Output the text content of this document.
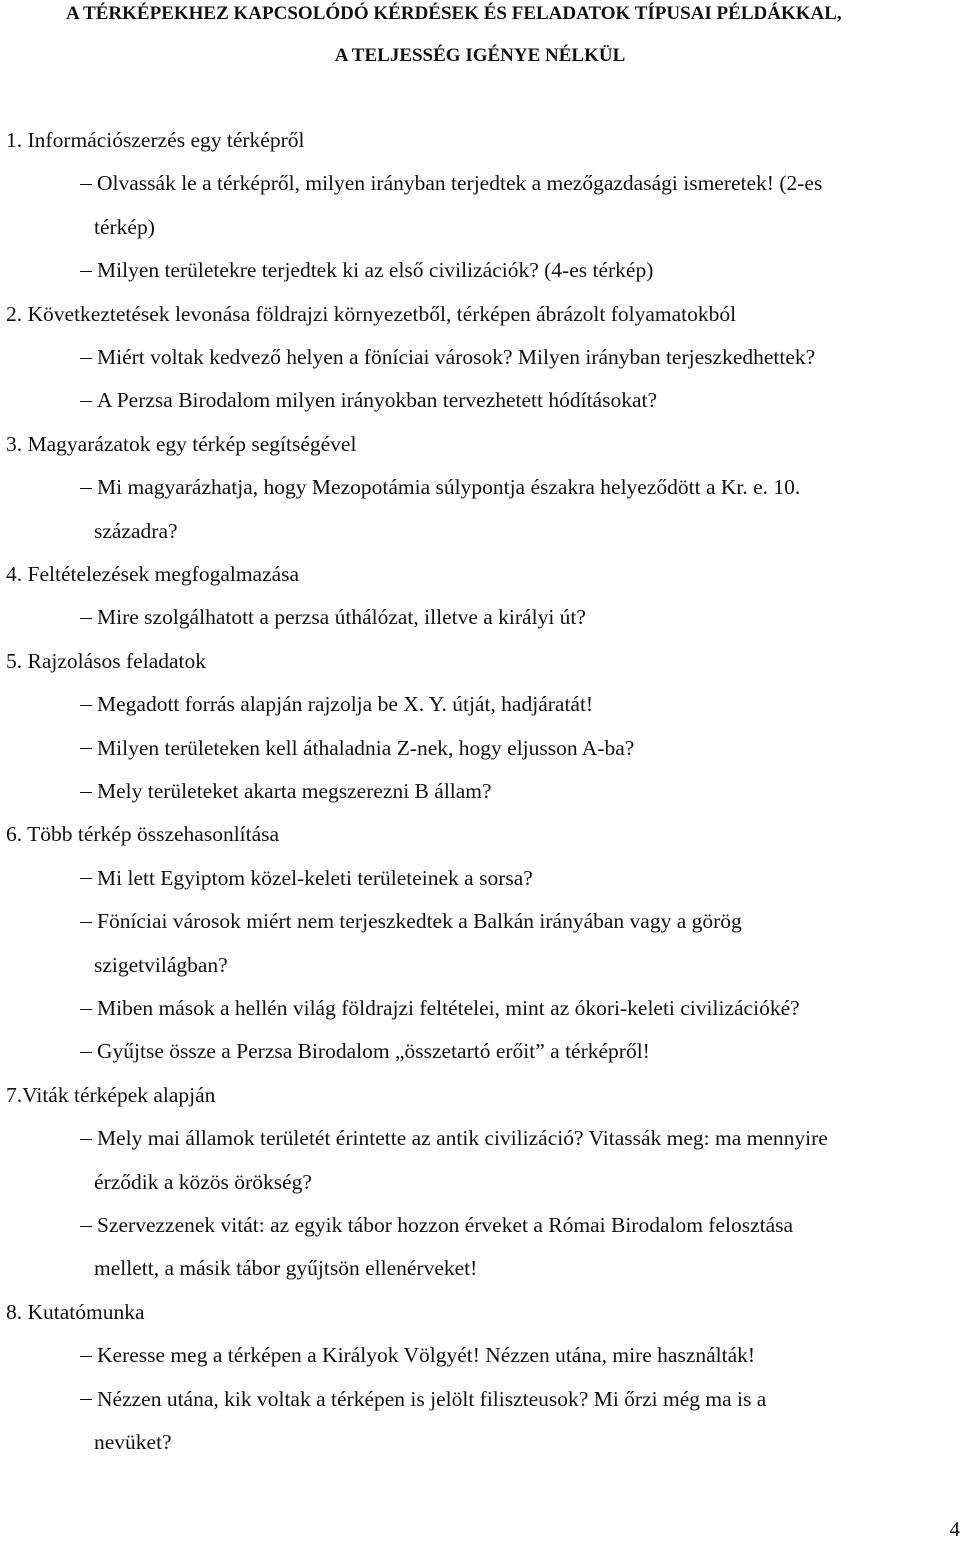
A TÉRKÉPEKHEZ KAPCSOLÓDÓ KÉRDÉSEK ÉS FELADATOK TÍPUSAI PÉLDÁKKAL,
A TELJESSÉG IGÉNYE NÉLKÜL
1. Információszerzés egy térképről
Olvassák le a térképről, milyen irányban terjedtek a mezőgazdasági ismeretek! (2-es
térkép)
Milyen területekre terjedtek ki az első civilizációk? (4-es térkép)
2. Következtetések levonása földrajzi környezetből, térképen ábrázolt folyamatokból
Miért voltak kedvező helyen a föníciai városok? Milyen irányban terjeszkedhettek?
A Perzsa Birodalom milyen irányokban tervezhetett hódításokat?
3. Magyarázatok egy térkép segítségével
Mi magyarázhatja, hogy Mezopotámia súlypontja északra helyeződött a Kr. e. 10.
századra?
4. Feltételezések megfogalmazása
Mire szolgálhatott a perzsa úthálózat, illetve a királyi út?
5. Rajzolásos feladatok
Megadott forrás alapján rajzolja be X. Y. útját, hadjáratát!
Milyen területeken kell áthaladnia Z-nek, hogy eljusson A-ba?
Mely területeket akarta megszerezni B állam?
6. Több térkép összehasonlítása
Mi lett Egyiptom közel-keleti területeinek a sorsa?
Föníciai városok miért nem terjeszkedtek a Balkán irányában vagy a görög
szigetvilágban?
Miben mások a hellén világ földrajzi feltételei, mint az ókori-keleti civilizációké?
Gyűjtse össze a Perzsa Birodalom „összetartó erőit” a térképről!
7.Viták térképek alapján
Mely mai államok területét érintette az antik civilizáció? Vitassák meg: ma mennyire
érződik a közös örökség?
Szervezzenek vitát: az egyik tábor hozzon érveket a Római Birodalom felosztása
mellett, a másik tábor gyűjtsön ellenérveket!
8. Kutatómunka
Keresse meg a térképen a Királyok Völgyét! Nézzen utána, mire használták!
Nézzen utána, kik voltak a térképen is jelölt filiszteusok? Mi őrzi még ma is a
nevüket?
4
